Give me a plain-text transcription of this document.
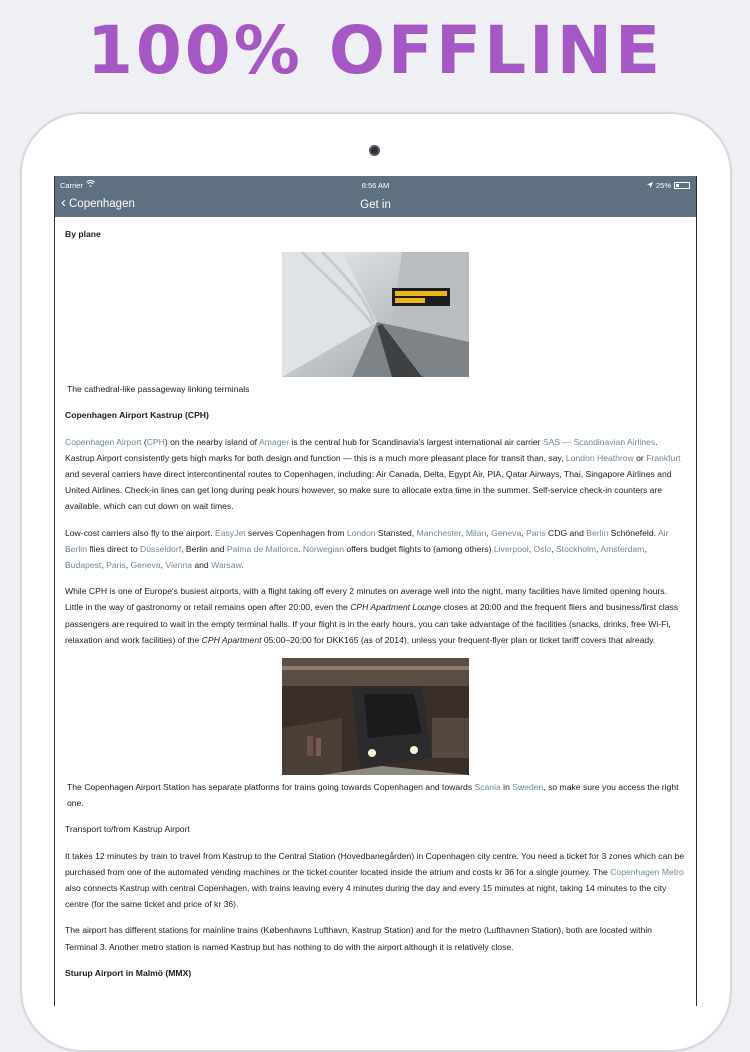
100% OFFLINE
Carrier	8:56 AM	25%
‹ Copenhagen	Get in

By plane

The cathedral-like passageway linking terminals

Copenhagen Airport Kastrup (CPH)

Copenhagen Airport (CPH) on the nearby island of Amager is the central hub for Scandinavia's largest international air carrier SAS — Scandinavian Airlines. Kastrup Airport consistently gets high marks for both design and function — this is a much more pleasant place for transit than, say, London Heathrow or Frankfurt and several carriers have direct intercontinental routes to Copenhagen, including: Air Canada, Delta, Egypt Air, PIA, Qatar Airways, Thai, Singapore Airlines and United Airlines. Check-in lines can get long during peak hours however, so make sure to allocate extra time in the summer. Self-service check-in counters are available, which can cut down on wait times.

Low-cost carriers also fly to the airport. EasyJet serves Copenhagen from London Stansted, Manchester, Milan, Geneva, Paris CDG and Berlin Schönefeld. Air Berlin flies direct to Düsseldorf, Berlin and Palma de Mallorca. Norwegian offers budget flights to (among others) Liverpool, Oslo, Stockholm, Amsterdam, Budapest, Paris, Geneva, Vienna and Warsaw.

While CPH is one of Europe's busiest airports, with a flight taking off every 2 minutes on average well into the night, many facilities have limited opening hours. Little in the way of gastronomy or retail remains open after 20:00, even the CPH Apartment Lounge closes at 20:00 and the frequent fliers and business/first class passengers are required to wait in the empty terminal halls. If your flight is in the early hours, you can take advantage of the facilities (snacks, drinks, free Wi-Fi, relaxation and work facilities) of the CPH Apartment 05:00–20:00 for DKK165 (as of 2014), unless your frequent-flyer plan or ticket tariff covers that already.

The Copenhagen Airport Station has separate platforms for trains going towards Copenhagen and towards Scania in Sweden, so make sure you access the right one.

Transport to/from Kastrup Airport

It takes 12 minutes by train to travel from Kastrup to the Central Station (Hovedbanegården) in Copenhagen city centre. You need a ticket for 3 zones which can be purchased from one of the automated vending machines or the ticket counter located inside the atrium and costs kr 36 for a single journey. The Copenhagen Metro also connects Kastrup with central Copenhagen, with trains leaving every 4 minutes during the day and every 15 minutes at night, taking 14 minutes to the city centre (for the same ticket and price of kr 36).

The airport has different stations for mainline trains (Københavns Lufthavn, Kastrup Station) and for the metro (Lufthavnen Station), both are located within Terminal 3. Another metro station is named Kastrup but has nothing to do with the airport although it is relatively close.

Sturup Airport in Malmö (MMX)
